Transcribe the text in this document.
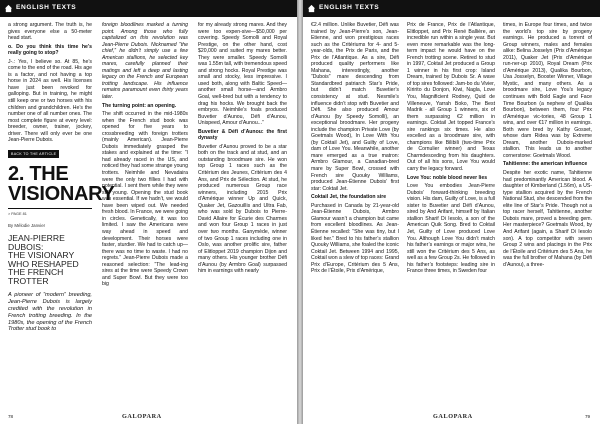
ENGLISH TEXTS

a strong argument. The truth is, he gives everyone else a 50-meter head start.

o. Do you think this time he’s really going to stop?

J-.: Yes, I believe so. At 85, he’s come to the end of the road. His age is a factor, and not having a top horse in 2024 as well. His licenses have just been revoked for galloping. But in training, he might still keep one or two horses with his children and grandchildren. He’s the number one of all number ones. The most complete figure at every level: breeder, owner, trainer, jockey, driver. There will only ever be one Jean-Pierre Dubois.

BACK TO THE ARTICLE
2. THE
VISIONARY
> PAGE 81
By Mélodie Janvier
JEAN-PIERRE
DUBOIS:
THE VISIONARY
WHO RESHAPED
THE FRENCH
TROTTER
A pioneer of “modern” breeding, Jean-Pierre Dubois is largely credited with the revolution in French trotting breeding. In the 1980s, the opening of the French Trotter stud book to

foreign bloodlines marked a turning point. Among those who fully capitalized on this revolution was Jean-Pierre Dubois. Nicknamed “the chief,” he didn’t simply use a few American stallions, he selected key mares, carefully planned their matings and left a deep and lasting legacy on the French and European trotting landscape. His influence remains paramount even thirty years later.

The turning point: an opening.

The shift occurred in the mid-1980s when the French stud book was opened for five years to crossbreeding with foreign trotters (mainly American). Jean-Pierre Dubois immediately grasped the stakes and explained at the time: “I had already raced in the US, and noticed they had some strange young trotters. Neimhile and Nevadaira were the only two fillies I had with potential. I sent them while they were still young. Opening the stud book was essential. If we hadn’t, we would have been wiped out. We needed fresh blood. In France, we were going in circles. Genetically, it was too limited. I saw the Americans were way ahead in speed and development. Their horses were faster, sturdier. We had to catch up—there was no time to waste. I had no regrets.” Jean-Pierre Dubois made a reasoned selection: “The lead-ing sires at the time were Speedy Crown and Super Bowl. But they were too big

for my already strong mares. And they were too expen-sive—$50,000 per covering. Speedy Somolli and Royal Prestige, on the other hand, cost $20,000 and suited my mares better. They were smaller. Speedy Somolli was 1.55m tall, with tremendous speed and strong hocks. Royal Prestige was small and stocky, less impressive. I used both, along with Baltic Speed—another small horse—and Armbro Goal, well-bred but with a tendency to drag his hocks. We brought back the embryos. Neimhile’s foals produced Buvetier d’Aunou, Défi d’Aunou, Unispeed, Amour d’Aunou...”

Buvetier & Défi d’Aunou: the first dynasty

Buvetier d’Aunou proved to be a star both on the track and at stud, and an outstanding broodmare sire. He won top Group 1 races such as the Critérium des Jeunes, Critérium des 4 Ans, and Prix de Sélection. At stud, he produced numerous Group race winners, including 2015 Prix d’Amérique winner Up and Quick, Quaker Jet, Gazouillis and Ultra Fab, who was sold by Dubois to Pierre-David Allaire for Écurie des Charmes and won four Group 1 races in just over two months. Ganymède, winner of two Group 1 races including one in Oslo, was another prolific sire, father of Elitloppet 2019 champion Dijon and many others. His younger brother Défi d’Aunou (by Armbro Goal) surpassed him in earnings with nearly

78	GALOPARA
ENGLISH TEXTS

€2.4 million. Unlike Buvetier, Défi was trained by Jean-Pierre’s son, Jean-Etienne, and won prestigious races such as the Critériums for 4- and 5-year-olds, the Prix de Paris, and the Prix de l’Atlantique. As a sire, Défi produced quality performers like Mahana, interestingly, another “Dubois” mare descending from Standardbred patriarch Star’s Pride, but didn’t match Buvetier’s consistency at stud. Nesmile’s influence didn’t stop with Buvetier and Défi. She also produced Amour d’Aunou (by Speedy Somolli), an exceptional broodmare. Her progeny include the champion Private Love (by Goetmals Wood), In Love With You (by Coktail Jet), and Guilty of Love, dam of Love You. Meanwhile, another mare emerged as a true matron: Armbro Glamour, a Canadian-bred mare by Super Bowl, crossed with French sire Quouky Williams, produced Jean-Étienne Dubois’ first star: Coktail Jet.

Coktail Jet, the foundation sire

Purchased in Canada by 21-year-old Jean-Étienne Dubois, Armbro Glamour wasn’t a champion but came from excellent bloodlines. As Jean-Étienne recalled: “She was tiny, but I liked her.” Bred to his father’s stallion Quouky Williams, she foaled the iconic Coktail Jet. Between 1994 and 1995, Coktail won a slew of top races: Grand Prix d’Europe, Critérium des 5 Ans, Prix de l’Étoile, Prix d’Amérique,

Prix de France, Prix de l’Atlantique, Elitloppet, and Prix René Ballière, an incredible run within a single year. But even more remarkable was the long-term impact he would have on the French trotting scene. Retired to stud in 1997, Coktail Jet produced a Group 1 winner in his first crop: Island Dream, trained by Dubois Sr. A wave of top sires followed: Jam-bo du Vivier, Kiririto du Donjon, Kiwi, Nagla, Love You, Magnificient Rodney, Quid de Villeneuve, Yarrah Boko, The Best Madrik - all Group 1 winners, six of them surpassing €2 million in earnings. Coktail Jet topped France’s sire rankings six times. He also excelled as a broodmare sire, with champions like Bilibili (two-time Prix de Cornulier winner) and Texas Charmdesceding from his daughters. Out of all his sons, Love You would carry the legacy forward.

Love You: noble blood never lies

Love You embodies Jean-Pierre Dubois’ forward-thinking breeding vision. His dam, Guilty of Love, is a full sister to Buvetier and Défi d’Aunou, sired by And Arifant, himself by Italian stallion Sharif Di Iesolo, a son of the American Quik Song. Bred to Coktail Jet, Guilty of Love produced Love You. Although Love You didn’t match his father’s earnings or major wins, he still won the Critérium des 5 Ans, as well as a few Group 2s. He followed in his father’s footsteps: leading sire in France three times, in Sweden four

times, in Europe four times, and twice the world’s top sire by progeny earnings. He produced a torrent of Group winners, males and females alike: Belina Josselyn (Prix d’Amérique 2011), Quaker Jet (Prix d’Amérique run-ner-up 2010), Royal Dream (Prix d’Amérique 2013), Qualika Bourbon, Usa Josselyn, Booster Winner, Village Mystic, and many others. As a broodmare sire, Love You’s legacy continues with Bold Eagle and Face Time Bourbon (a nephew of Qualika Bourbon), between them, four Prix d’Amérique vic-tories, 48 Group 1 wins, and over €17 million in earnings. Both were bred by Kathy Gosset, whose dam Ridea was by Extreme Dream, another Dubois-marked stallion. This leads us to another cornerstone: Goetmals Wood.

Tahitienne: the american influence

Despite her exotic name, Tahitienne had predominantly American blood. A daughter of Kimberland (1.56m), a US-type stallion acquired by the French National Stud, she descended from the elite line of Star’s Pride. Though not a top racer herself, Tahitienne, another Dubois mare, proved a breeding gem. Her masterpiece? Goetmals Wood, by And Arifant (again, a Sharif Di Iesolo son). A top competitor with seven Group 2 wins and placings in the Prix de l’Étoile and Critérium des 5 Ans, he was the full brother of Mahana (by Défi d’Aunou), a three-

GALOPARA	79
